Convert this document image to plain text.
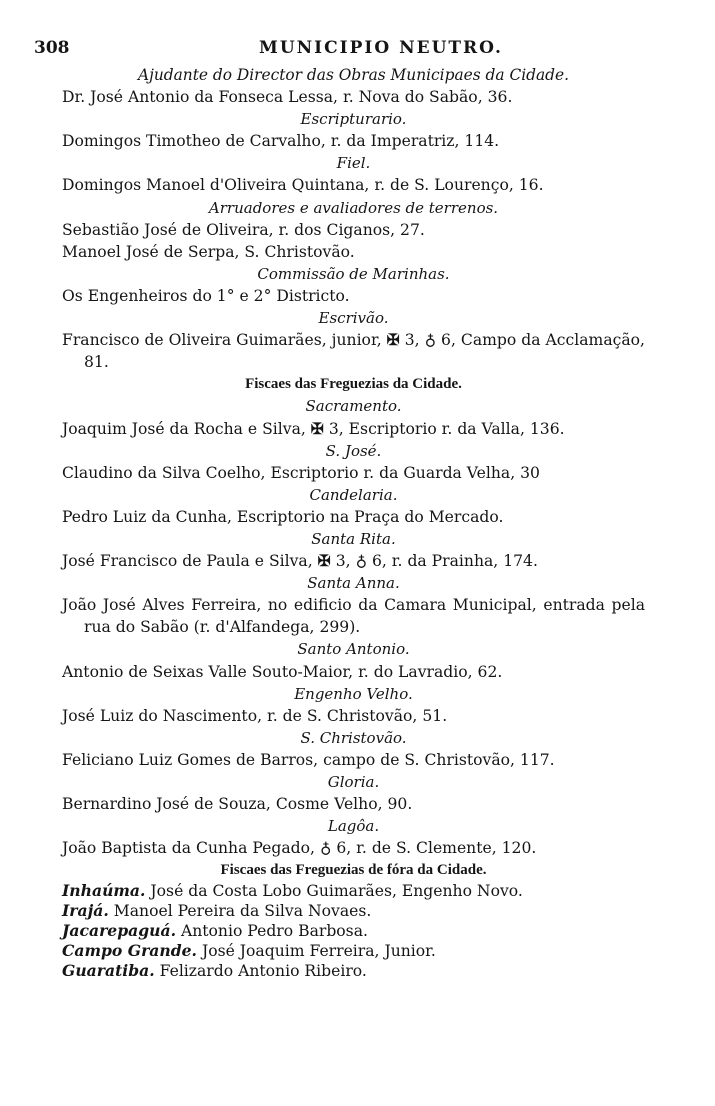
308	MUNICIPIO NEUTRO.
Ajudante do Director das Obras Municipaes da Cidade.
Dr. José Antonio da Fonseca Lessa, r. Nova do Sabão, 36.
Escripturario.
Domingos Timotheo de Carvalho, r. da Imperatriz, 114.
Fiel.
Domingos Manoel d'Oliveira Quintana, r. de S. Lourenço, 16.
Arruadores e avaliadores de terrenos.
Sebastião José de Oliveira, r. dos Ciganos, 27.
Manoel José de Serpa, S. Christovão.
Commissão de Marinhas.
Os Engenheiros do 1° e 2° Districto.
Escrivão.
Francisco de Oliveira Guimarães, junior, ✠ 3, ♁ 6, Campo da Acclamação, 81.
Fiscaes das Freguezias da Cidade.
Sacramento.
Joaquim José da Rocha e Silva, ✠ 3, Escriptorio r. da Valla, 136.
S. José.
Claudino da Silva Coelho, Escriptorio r. da Guarda Velha, 30
Candelaria.
Pedro Luiz da Cunha, Escriptorio na Praça do Mercado.
Santa Rita.
José Francisco de Paula e Silva, ✠ 3, ♁ 6, r. da Prainha, 174.
Santa Anna.
João José Alves Ferreira, no edificio da Camara Municipal, entrada pela rua do Sabão (r. d'Alfandega, 299).
Santo Antonio.
Antonio de Seixas Valle Souto-Maior, r. do Lavradio, 62.
Engenho Velho.
José Luiz do Nascimento, r. de S. Christovão, 51.
S. Christovão.
Feliciano Luiz Gomes de Barros, campo de S. Christovão, 117.
Gloria.
Bernardino José de Souza, Cosme Velho, 90.
Lagôa.
João Baptista da Cunha Pegado, ♁ 6, r. de S. Clemente, 120.
Fiscaes das Freguezias de fóra da Cidade.
Inhaúma. José da Costa Lobo Guimarães, Engenho Novo.
Irajá. Manoel Pereira da Silva Novaes.
Jacarepaguá. Antonio Pedro Barbosa.
Campo Grande. José Joaquim Ferreira, Junior.
Guaratiba. Felizardo Antonio Ribeiro.
